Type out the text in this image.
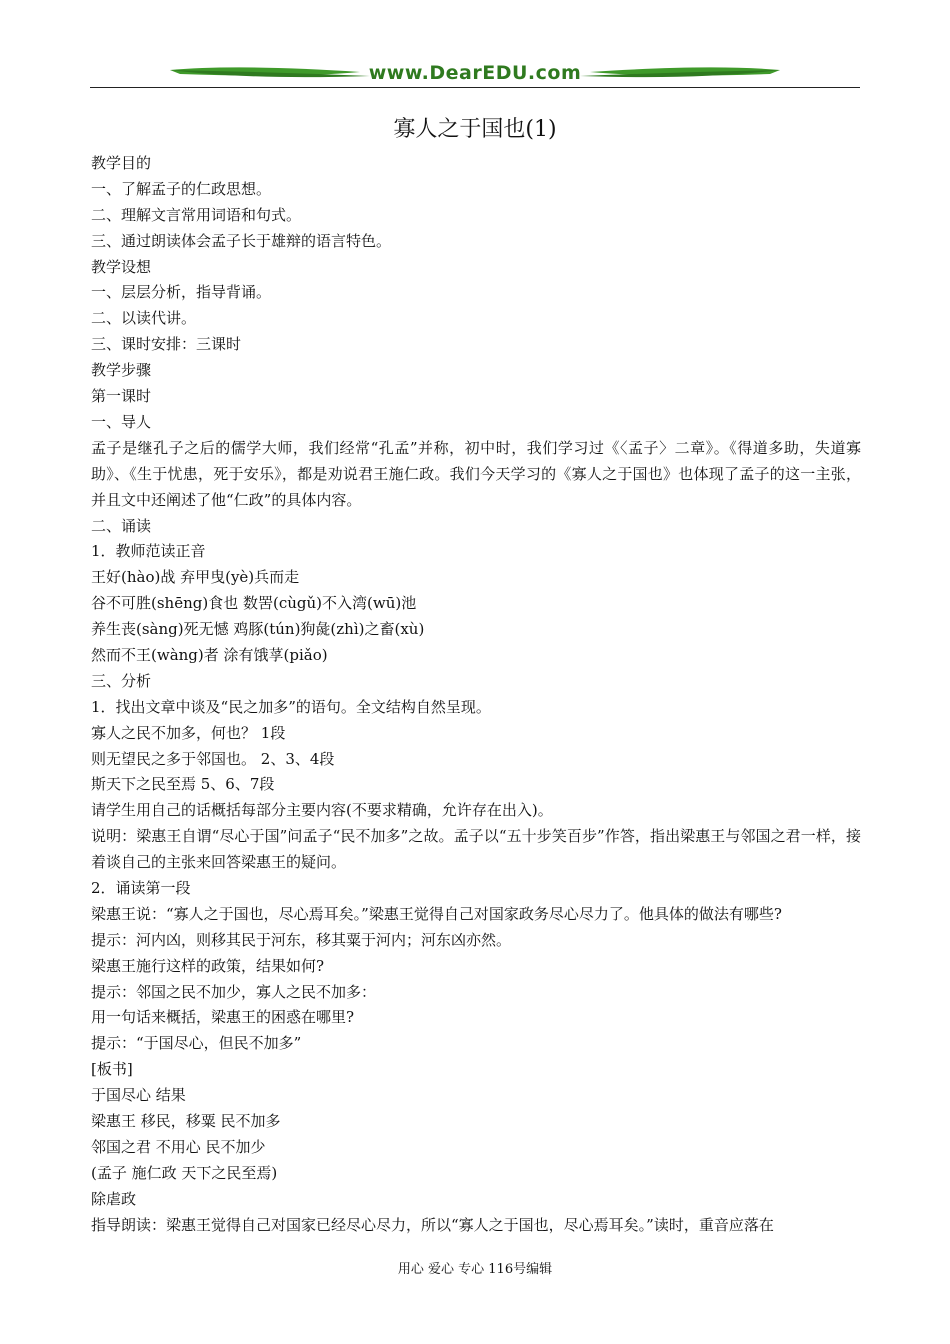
www.DearEDU.com
寡人之于国也(1)
教学目的
一、了解孟子的仁政思想。
二、理解文言常用词语和句式。
三、通过朗读体会孟子长于雄辩的语言特色。
教学设想
一、层层分析，指导背诵。
二、以读代讲。
三、课时安排：三课时
教学步骤
第一课时
一、导人
孟子是继孔子之后的儒学大师，我们经常“孔孟”并称，初中时，我们学习过《〈孟子〉二章》。《得道多助，失道寡助》、《生于忧患，死于安乐》，都是劝说君王施仁政。我们今天学习的《寡人之于国也》也体现了孟子的这一主张，并且文中还阐述了他“仁政”的具体内容。
二、诵读
1．教师范读正音
王好(hào)战 弃甲曳(yè)兵而走
谷不可胜(shēng)食也 数罟(cùgǔ)不入湾(wū)池
养生丧(sàng)死无憾 鸡豚(tún)狗彘(zhì)之畜(xù)
然而不王(wàng)者 涂有饿莩(piǎo)
三、分析
1．找出文章中谈及“民之加多”的语句。全文结构自然呈现。
寡人之民不加多，何也？ 1段
则无望民之多于邻国也。 2、3、4段
斯天下之民至焉 5、6、7段
请学生用自己的话概括每部分主要内容(不要求精确，允许存在出入)。
说明：梁惠王自谓“尽心于国”问孟子“民不加多”之故。孟子以“五十步笑百步”作答，指出梁惠王与邻国之君一样，接着谈自己的主张来回答梁惠王的疑问。
2．诵读第一段
梁惠王说：“寡人之于国也，尽心焉耳矣。”梁惠王觉得自己对国家政务尽心尽力了。他具体的做法有哪些?
提示：河内凶，则移其民于河东，移其粟于河内；河东凶亦然。
梁惠王施行这样的政策，结果如何?
提示：邻国之民不加少，寡人之民不加多：
用一句话来概括，梁惠王的困惑在哪里?
提示：“于国尽心，但民不加多”
[板书]
于国尽心 结果
梁惠王 移民，移粟 民不加多
邻国之君 不用心 民不加少
(孟子 施仁政 天下之民至焉)
除虐政
指导朗读：梁惠王觉得自己对国家已经尽心尽力，所以“寡人之于国也，尽心焉耳矣。”读时，重音应落在
用心 爱心 专心 116号编辑
